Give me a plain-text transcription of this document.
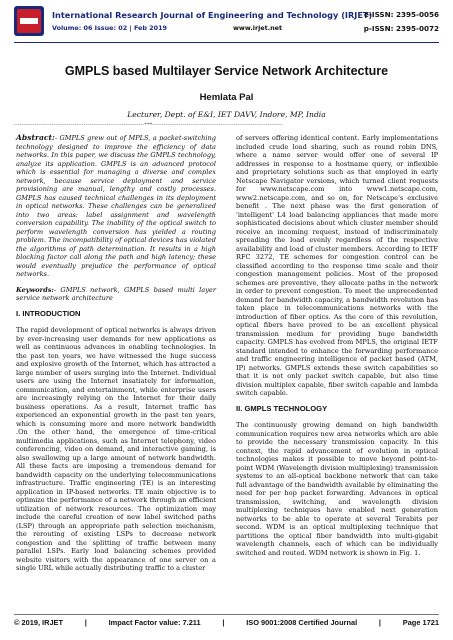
International Research Journal of Engineering and Technology (IRJET)
e-ISSN: 2395-0056
Volume: 06 Issue: 02 | Feb 2019	www.irjet.net	p-ISSN: 2395-0072
GMPLS based Multilayer Service Network Architecture
Hemlata Pal
Lecturer, Dept. of E&I, IET DAVV, Indore, MP, India
---------------------------------------------------------------------***---------------------------------------------------------------------

Abstract:- GMPLS grew out of MPLS, a packet-switching technology designed to improve the efficiency of data networks. In this paper, we discuss the GMPLS technology, analyze its application. GMPLS is an advanced protocol which is essential for managing a diverse and complex network, because service deployment and service provisioning are manual, lengthy and costly processes. GMPLS has caused technical challenges in its deployment in optical networks. These challenges can be generalized into two areas: label assignment and wavelength conversion capability. The inability of the optical switch to perform wavelength conversion has yielded a routing problem. The incompatibility of optical devices has violated the algorithms of path determination. It results in a high blocking factor call along the path and high latency; these would eventually prejudice the performance of optical networks.

Keywords:- GMPLS network, GMPLS based multi layer service network architecture

I. INTRODUCTION

The rapid development of optical networks is always driven by ever-increasing user demands for new applications as well as continuous advances in enabling technologies. In the past ten years, we have witnessed the huge success and explosive growth of the Internet, which has attracted a large number of users surging into the Internet. Individual users are using the Internet insatiately for information, communication, and entertainment, while enterprise users are increasingly relying on the Internet for their daily business operations. As a result, Internet traffic has experienced an exponential growth in the past ten years, which is consuming more and more network bandwidth .On the other hand, the emergence of time-critical multimedia applications, such as Internet telephony, video conferencing, video on demand, and interactive gaming, is also swallowing up a large amount of network bandwidth. All these facts are imposing a tremendous demand for bandwidth capacity on the underlying telecommunications infrastructure. Traffic engineering (TE) is an interesting application in IP-based networks. TE main objective is to optimize the performance of a network through an efficient utilization of network resources. The optimization may include the careful creation of new label switched paths (LSP) through an appropriate path selection mechanism, the rerouting of existing LSPs to decrease network congestion and the splitting of traffic between many parallel LSPs. Early load balancing schemes provided website visitors with the appearance of one server on a single URL while actually distributing traffic to a cluster

of servers offering identical content. Early implementations included crude load sharing, such as round robin DNS, where a name server would offer one of several IP addresses in response to a hostname query, or inflexible and proprietary solutions such as that employed in early Netscape Navigator versions, which turned client requests for www.netscape.com into www1.netscape.com, www2.netscape.com, and so on, for Netscape's exclusive benefit . The next phase was the first generation of 'intelligent' L4 load balancing appliances that made more sophisticated decisions about which cluster member should receive an incoming request, instead of indiscriminately spreading the load evenly regardless of the respective availability and load of cluster members. According to IETF RFC 3272, TE schemes for congestion control can be classified according to the response time scale and their congestion management policies. Most of the proposed schemes are preventive, they allocate paths in the network in order to prevent congestion. To meet the unprecedented demand for bandwidth capacity, a bandwidth revolution has taken place in telecommunications networks with the introduction of fiber optics. As the core of this revolution, optical fibers have proved to be an excellent physical transmission medium for providing huge bandwidth capacity. GMPLS has evolved from MPLS, the original IETF standard intended to enhance the forwarding performance and traffic engineering intelligence of packet based (ATM, IP) networks. GMPLS extends these switch capabilities so that it is not only packet switch capable, but also time division multiplex capable, fiber switch capable and lambda switch capable.

II. GMPLS TECHNOLOGY

The continuously growing demand on high bandwidth communication requires new area networks which are able to provide the necessary transmission capacity. In this context, the rapid advancement of evolution in optical technologies makes it possible to move beyond point-to-point WDM (Wavelength division multiplexing) transmission systems to an all-optical backbone network that can take full advantage of the bandwidth available by eliminating the need for per hop packet forwarding. Advances in optical transmission, switching, and wavelength division multiplexing techniques have enabled next generation networks to be able to operate at several Terabits per second. WDM is an optical multiplexing technique that partitions the optical fiber bandwidth into multi-gigabit wavelength channels, each of which can be individually switched and routed. WDM network is shown in Fig. 1.

© 2019, IRJET	|	Impact Factor value: 7.211	|	ISO 9001:2008 Certified Journal	|	Page 1721
